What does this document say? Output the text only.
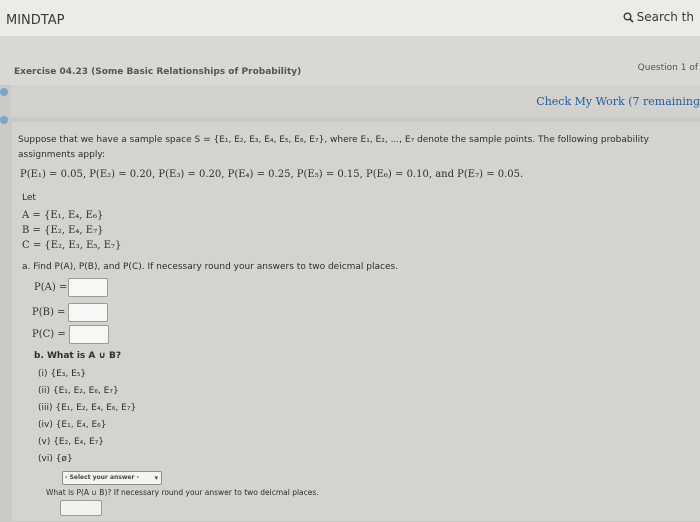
MINDTAP	Search th
Exercise 04.23 (Some Basic Relationships of Probability)	Question 1 of
Check My Work (7 remaining
Suppose that we have a sample space S = {E₁, E₂, E₃, E₄, E₅, E₆, E₇}, where E₁, E₂, ..., E₇ denote the sample points. The following probability
assignments apply:
P(E₁) = 0.05, P(E₂) = 0.20, P(E₃) = 0.20, P(E₄) = 0.25, P(E₅) = 0.15, P(E₆) = 0.10, and P(E₇) = 0.05.
Let
A = {E₁, E₄, E₆}
B = {E₂, E₄, E₇}
C = {E₂, E₃, E₅, E₇}
a. Find P(A), P(B), and P(C). If necessary round your answers to two deicmal places.
P(A) =
P(B) =
P(C) =
b. What is A ∪ B?
(i) {E₃, E₅}
(ii) {E₁, E₂, E₆, E₇}
(iii) {E₁, E₂, E₄, E₆, E₇}
(iv) {E₁, E₄, E₆}
(v) {E₂, E₄, E₇}
(vi) {ø}
- Select your answer - ▾
What is P(A ∪ B)? If necessary round your answer to two deicmal places.
